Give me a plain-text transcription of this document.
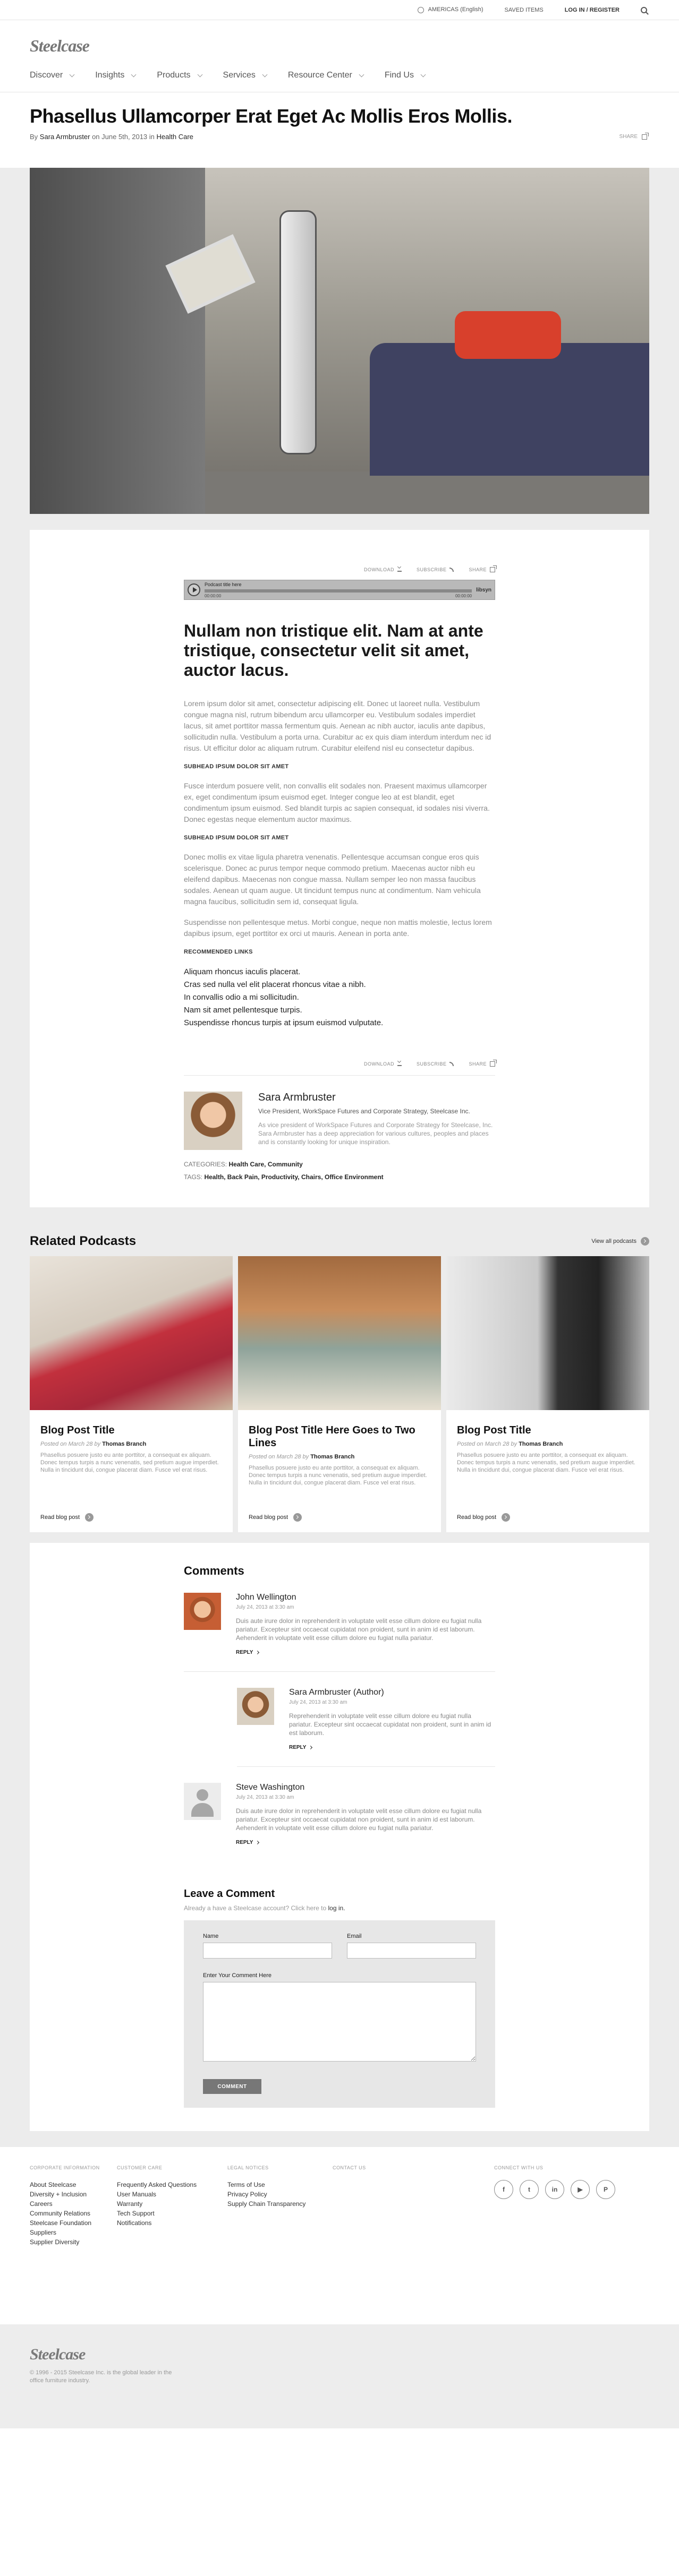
AMERICAS (English)	SAVED ITEMS	LOG IN / REGISTER
Steelcase
Discover	Insights	Products	Services	Resource Center	Find Us
Phasellus Ullamcorper Erat Eget Ac Mollis Eros Mollis.
By Sara Armbruster on June 5th, 2013 in Health Care	SHARE
DOWNLOAD	SUBSCRIBE	SHARE
Podcast title here
00:00:00	00:00:00
libsyn
Nullam non tristique elit. Nam at ante tristique, consectetur velit sit amet, auctor lacus.

Lorem ipsum dolor sit amet, consectetur adipiscing elit. Donec ut laoreet nulla. Vestibulum congue magna nisl, rutrum bibendum arcu ullamcorper eu. Vestibulum sodales imperdiet lacus, sit amet porttitor massa fermentum quis. Aenean ac nibh auctor, iaculis ante dapibus, sollicitudin nulla. Vestibulum a porta urna. Curabitur ac ex quis diam interdum interdum nec id risus. Ut efficitur dolor ac aliquam rutrum. Curabitur eleifend nisl eu consectetur dapibus.

SUBHEAD IPSUM DOLOR SIT AMET

Fusce interdum posuere velit, non convallis elit sodales non. Praesent maximus ullamcorper ex, eget condimentum ipsum euismod eget. Integer congue leo at est blandit, eget condimentum ipsum euismod. Sed blandit turpis ac sapien consequat, id sodales nisi viverra. Donec egestas neque elementum auctor maximus.

SUBHEAD IPSUM DOLOR SIT AMET

Donec mollis ex vitae ligula pharetra venenatis. Pellentesque accumsan congue eros quis scelerisque. Donec ac purus tempor neque commodo pretium. Maecenas auctor nibh eu eleifend dapibus. Maecenas non congue massa. Nullam semper leo non massa faucibus sodales. Aenean ut quam augue. Ut tincidunt tempus nunc at condimentum. Nam vehicula magna faucibus, sollicitudin sem id, consequat ligula.

Suspendisse non pellentesque metus. Morbi congue, neque non mattis molestie, lectus lorem dapibus ipsum, eget porttitor ex orci ut mauris. Aenean in porta ante.

RECOMMENDED LINKS
Aliquam rhoncus iaculis placerat.
Cras sed nulla vel elit placerat rhoncus vitae a nibh.
In convallis odio a mi sollicitudin.
Nam sit amet pellentesque turpis.
Suspendisse rhoncus turpis at ipsum euismod vulputate.
DOWNLOAD	SUBSCRIBE	SHARE
Sara Armbruster
Vice President, WorkSpace Futures and Corporate Strategy, Steelcase Inc.
As vice president of WorkSpace Futures and Corporate Strategy for Steelcase, Inc. Sara Armbruster has a deep appreciation for various cultures, peoples and places and is constantly looking for unique inspiration.
CATEGORIES: Health Care, Community
TAGS: Health, Back Pain, Productivity, Chairs, Office Environment
Related Podcasts	View all podcasts
Blog Post Title
Posted on March 28 by Thomas Branch
Phasellus posuere justo eu ante porttitor, a consequat ex aliquam. Donec tempus turpis a nunc venenatis, sed pretium augue imperdiet. Nulla in tincidunt dui, congue placerat diam. Fusce vel erat risus.
Read blog post
Blog Post Title Here Goes to Two Lines
Posted on March 28 by Thomas Branch
Phasellus posuere justo eu ante porttitor, a consequat ex aliquam. Donec tempus turpis a nunc venenatis, sed pretium augue imperdiet. Nulla in tincidunt dui, congue placerat diam. Fusce vel erat risus.
Read blog post
Blog Post Title
Posted on March 28 by Thomas Branch
Phasellus posuere justo eu ante porttitor, a consequat ex aliquam. Donec tempus turpis a nunc venenatis, sed pretium augue imperdiet. Nulla in tincidunt dui, congue placerat diam. Fusce vel erat risus.
Read blog post
Comments
John Wellington
July 24, 2013 at 3:30 am
Duis aute irure dolor in reprehenderit in voluptate velit esse cillum dolore eu fugiat nulla pariatur. Excepteur sint occaecat cupidatat non proident, sunt in anim id est laborum. Aehenderit in voluptate velit esse cillum dolore eu fugiat nulla pariatur.
REPLY
Sara Armbruster (Author)
July 24, 2013 at 3:30 am
Reprehenderit in voluptate velit esse cillum dolore eu fugiat nulla pariatur. Excepteur sint occaecat cupidatat non proident, sunt in anim id est laborum.
REPLY
Steve Washington
July 24, 2013 at 3:30 am
Duis aute irure dolor in reprehenderit in voluptate velit esse cillum dolore eu fugiat nulla pariatur. Excepteur sint occaecat cupidatat non proident, sunt in anim id est laborum. Aehenderit in voluptate velit esse cillum dolore eu fugiat nulla pariatur.
REPLY
Leave a Comment
Already a have a Steelcase account? Click here to log in.
Name	Email
Enter Your Comment Here
COMMENT
CORPORATE INFORMATION
About Steelcase
Diversity + Inclusion
Careers
Community Relations
Steelcase Foundation
Suppliers
Supplier Diversity
CUSTOMER CARE
Frequently Asked Questions
User Manuals
Warranty
Tech Support
Notifications
LEGAL NOTICES
Terms of Use
Privacy Policy
Supply Chain Transparency
CONTACT US	CONNECT WITH US
f	t	in	▶	P
Steelcase
© 1996 - 2015 Steelcase Inc. is the global leader in the office furniture industry.
